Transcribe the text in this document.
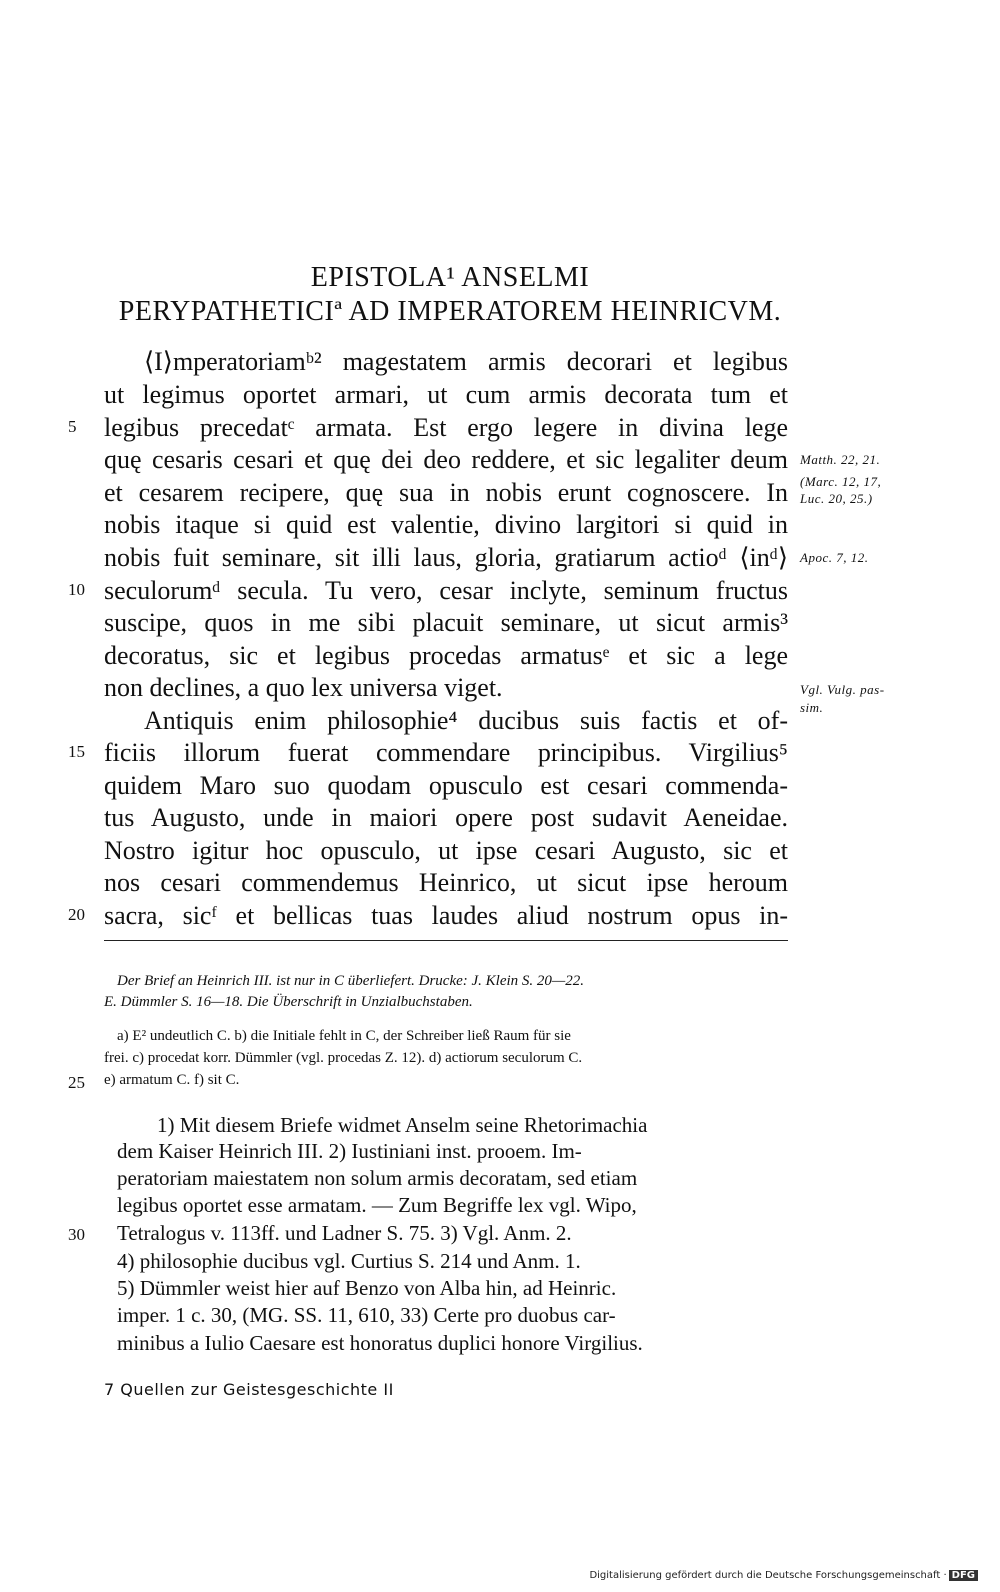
EPISTOLA¹ ANSELMI
PERYPATHETICIª AD IMPERATOREM HEINRICVM.
⟨I⟩mperatoriamᵇ² magestatem armis decorari et legibus
ut legimus oportet armari, ut cum armis decorata tum et
legibus precedatᶜ armata. Est ergo legere in divina lege
quę cesaris cesari et quę dei deo reddere, et sic legaliter deum
et cesarem recipere, quę sua in nobis erunt cognoscere. In
nobis itaque si quid est valentie, divino largitori si quid in
nobis fuit seminare, sit illi laus, gloria, gratiarum actioᵈ ⟨inᵈ⟩
seculorumᵈ secula. Tu vero, cesar inclyte, seminum fructus
suscipe, quos in me sibi placuit seminare, ut sicut armis³
decoratus, sic et legibus procedas armatusᵉ et sic a lege
non declines, a quo lex universa viget.
Antiquis enim philosophie⁴ ducibus suis factis et of-
ficiis illorum fuerat commendare principibus. Virgilius⁵
quidem Maro suo quodam opusculo est cesari commenda-
tus Augusto, unde in maiori opere post sudavit Aeneidae.
Nostro igitur hoc opusculo, ut ipse cesari Augusto, sic et
nos cesari commendemus Heinrico, ut sicut ipse heroum
sacra, sicᶠ et bellicas tuas laudes aliud nostrum opus in-
5
10
15
20
25
30
Matth. 22, 21.
(Marc. 12, 17,
Luc. 20, 25.)
Apoc. 7, 12.
Vgl. Vulg. pas-
sim.
Der Brief an Heinrich III. ist nur in C überliefert. Drucke: J. Klein S. 20—22.
E. Dümmler S. 16—18. Die Überschrift in Unzialbuchstaben.
a) E² undeutlich C. b) die Initiale fehlt in C, der Schreiber ließ Raum für sie
frei. c) procedat korr. Dümmler (vgl. procedas Z. 12). d) actiorum seculorum C.
e) armatum C. f) sit C.
1) Mit diesem Briefe widmet Anselm seine Rhetorimachia
dem Kaiser Heinrich III. 2) Iustiniani inst. prooem. Im-
peratoriam maiestatem non solum armis decoratam, sed etiam
legibus oportet esse armatam. — Zum Begriffe lex vgl. Wipo,
Tetralogus v. 113ff. und Ladner S. 75. 3) Vgl. Anm. 2.
4) philosophie ducibus vgl. Curtius S. 214 und Anm. 1.
5) Dümmler weist hier auf Benzo von Alba hin, ad Heinric.
imper. 1 c. 30, (MG. SS. 11, 610, 33) Certe pro duobus car-
minibus a Iulio Caesare est honoratus duplici honore Virgilius.
7 Quellen zur Geistesgeschichte II
Digitalisierung gefördert durch die Deutsche Forschungsgemeinschaft · DFG
